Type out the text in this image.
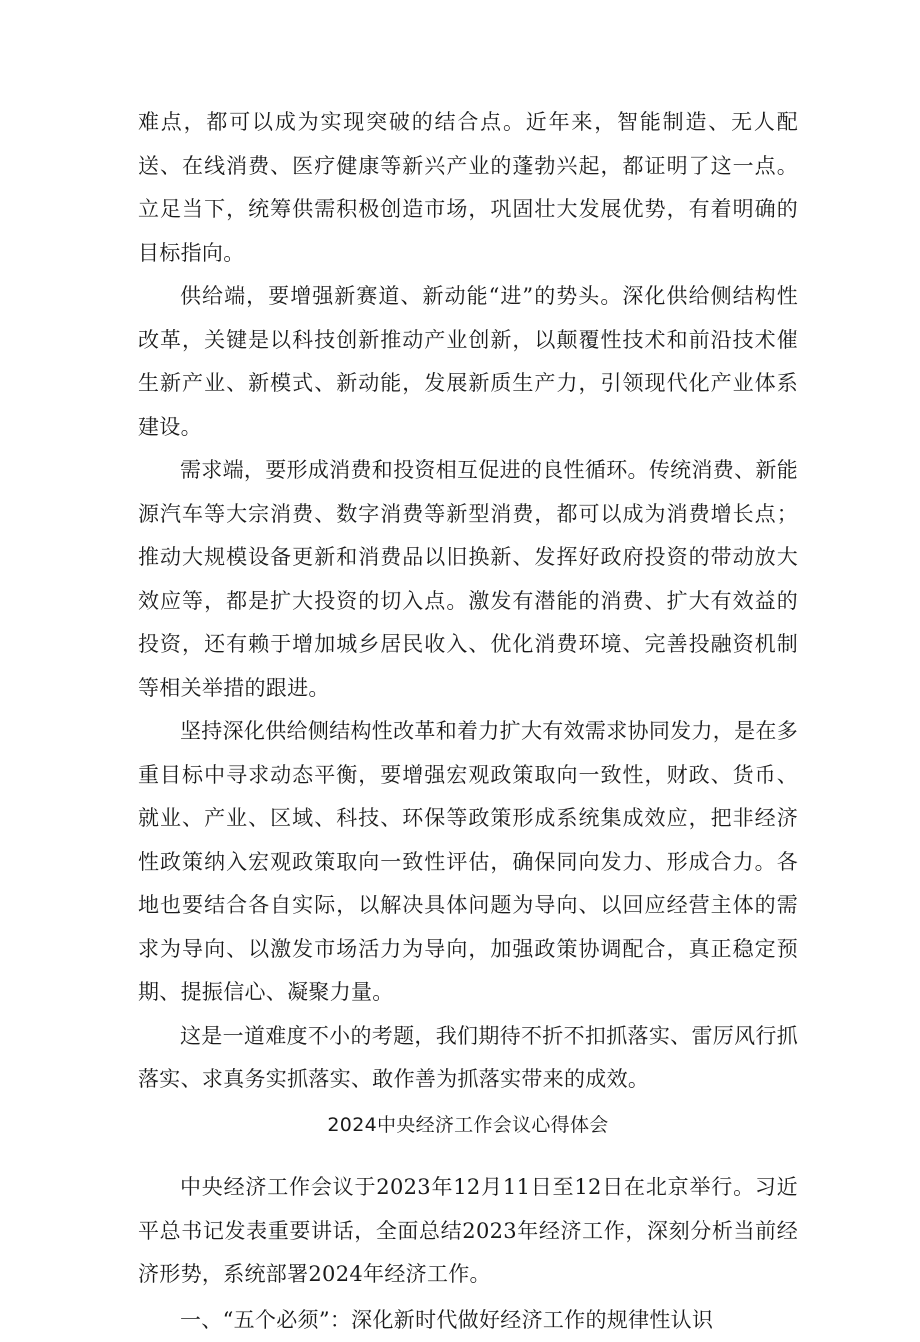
难点，都可以成为实现突破的结合点。近年来，智能制造、无人配送、在线消费、医疗健康等新兴产业的蓬勃兴起，都证明了这一点。立足当下，统筹供需积极创造市场，巩固壮大发展优势，有着明确的目标指向。

供给端，要增强新赛道、新动能“进”的势头。深化供给侧结构性改革，关键是以科技创新推动产业创新，以颠覆性技术和前沿技术催生新产业、新模式、新动能，发展新质生产力，引领现代化产业体系建设。

需求端，要形成消费和投资相互促进的良性循环。传统消费、新能源汽车等大宗消费、数字消费等新型消费，都可以成为消费增长点；推动大规模设备更新和消费品以旧换新、发挥好政府投资的带动放大效应等，都是扩大投资的切入点。激发有潜能的消费、扩大有效益的投资，还有赖于增加城乡居民收入、优化消费环境、完善投融资机制等相关举措的跟进。

坚持深化供给侧结构性改革和着力扩大有效需求协同发力，是在多重目标中寻求动态平衡，要增强宏观政策取向一致性，财政、货币、就业、产业、区域、科技、环保等政策形成系统集成效应，把非经济性政策纳入宏观政策取向一致性评估，确保同向发力、形成合力。各地也要结合各自实际，以解决具体问题为导向、以回应经营主体的需求为导向、以激发市场活力为导向，加强政策协调配合，真正稳定预期、提振信心、凝聚力量。

这是一道难度不小的考题，我们期待不折不扣抓落实、雷厉风行抓落实、求真务实抓落实、敢作善为抓落实带来的成效。

2024中央经济工作会议心得体会

中央经济工作会议于2023年12月11日至12日在北京举行。习近平总书记发表重要讲话，全面总结2023年经济工作，深刻分析当前经济形势，系统部署2024年经济工作。

一、“五个必须”：深化新时代做好经济工作的规律性认识
